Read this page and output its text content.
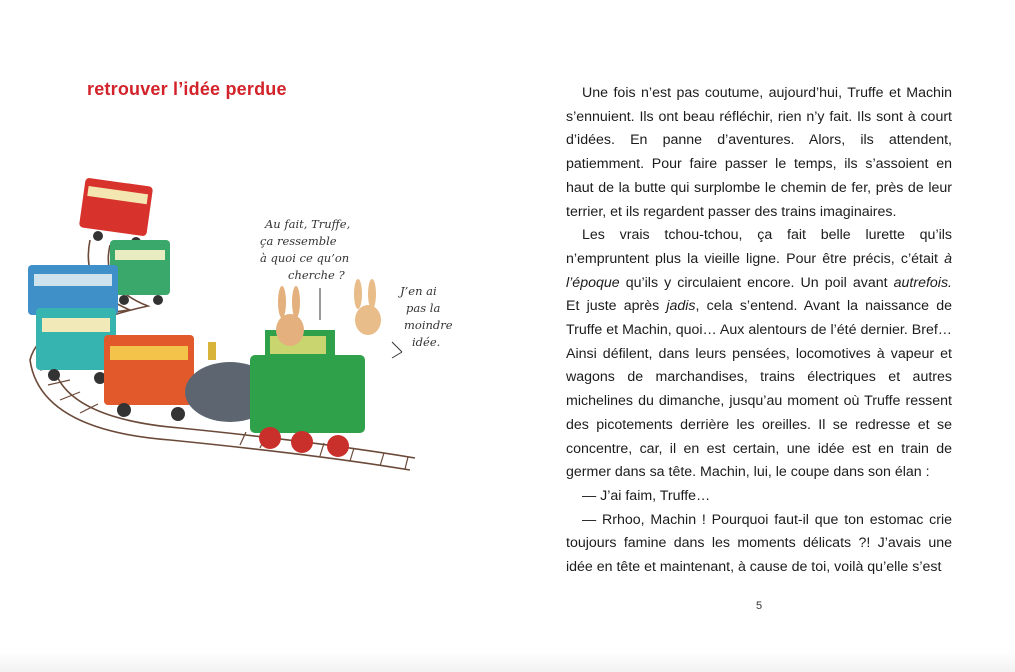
retrouver l’idée perdue
Au fait, Truffe,
ça ressemble
à quoi ce qu’on
cherche ?
J’en ai
pas la
moindre
idée.

Une fois n’est pas coutume, aujourd’hui, Truffe et Machin s’ennuient. Ils ont beau réfléchir, rien n’y fait. Ils sont à court d’idées. En panne d’aventures. Alors, ils attendent, patiemment. Pour faire passer le temps, ils s’assoient en haut de la butte qui surplombe le chemin de fer, près de leur terrier, et ils regardent passer des trains imaginaires.

Les vrais tchou-tchou, ça fait belle lurette qu’ils n’empruntent plus la vieille ligne. Pour être précis, c’était à l’époque qu’ils y circulaient encore. Un poil avant autrefois. Et juste après jadis, cela s’entend. Avant la naissance de Truffe et Machin, quoi… Aux alentours de l’été dernier. Bref… Ainsi défilent, dans leurs pensées, locomotives à vapeur et wagons de marchandises, trains électriques et autres michelines du dimanche, jusqu’au moment où Truffe ressent des picotements derrière les oreilles. Il se redresse et se concentre, car, il en est certain, une idée est en train de germer dans sa tête. Machin, lui, le coupe dans son élan :

— J’ai faim, Truffe…

— Rrhoo, Machin ! Pourquoi faut-il que ton estomac crie toujours famine dans les moments délicats ?! J’avais une idée en tête et maintenant, à cause de toi, voilà qu’elle s’est

5
